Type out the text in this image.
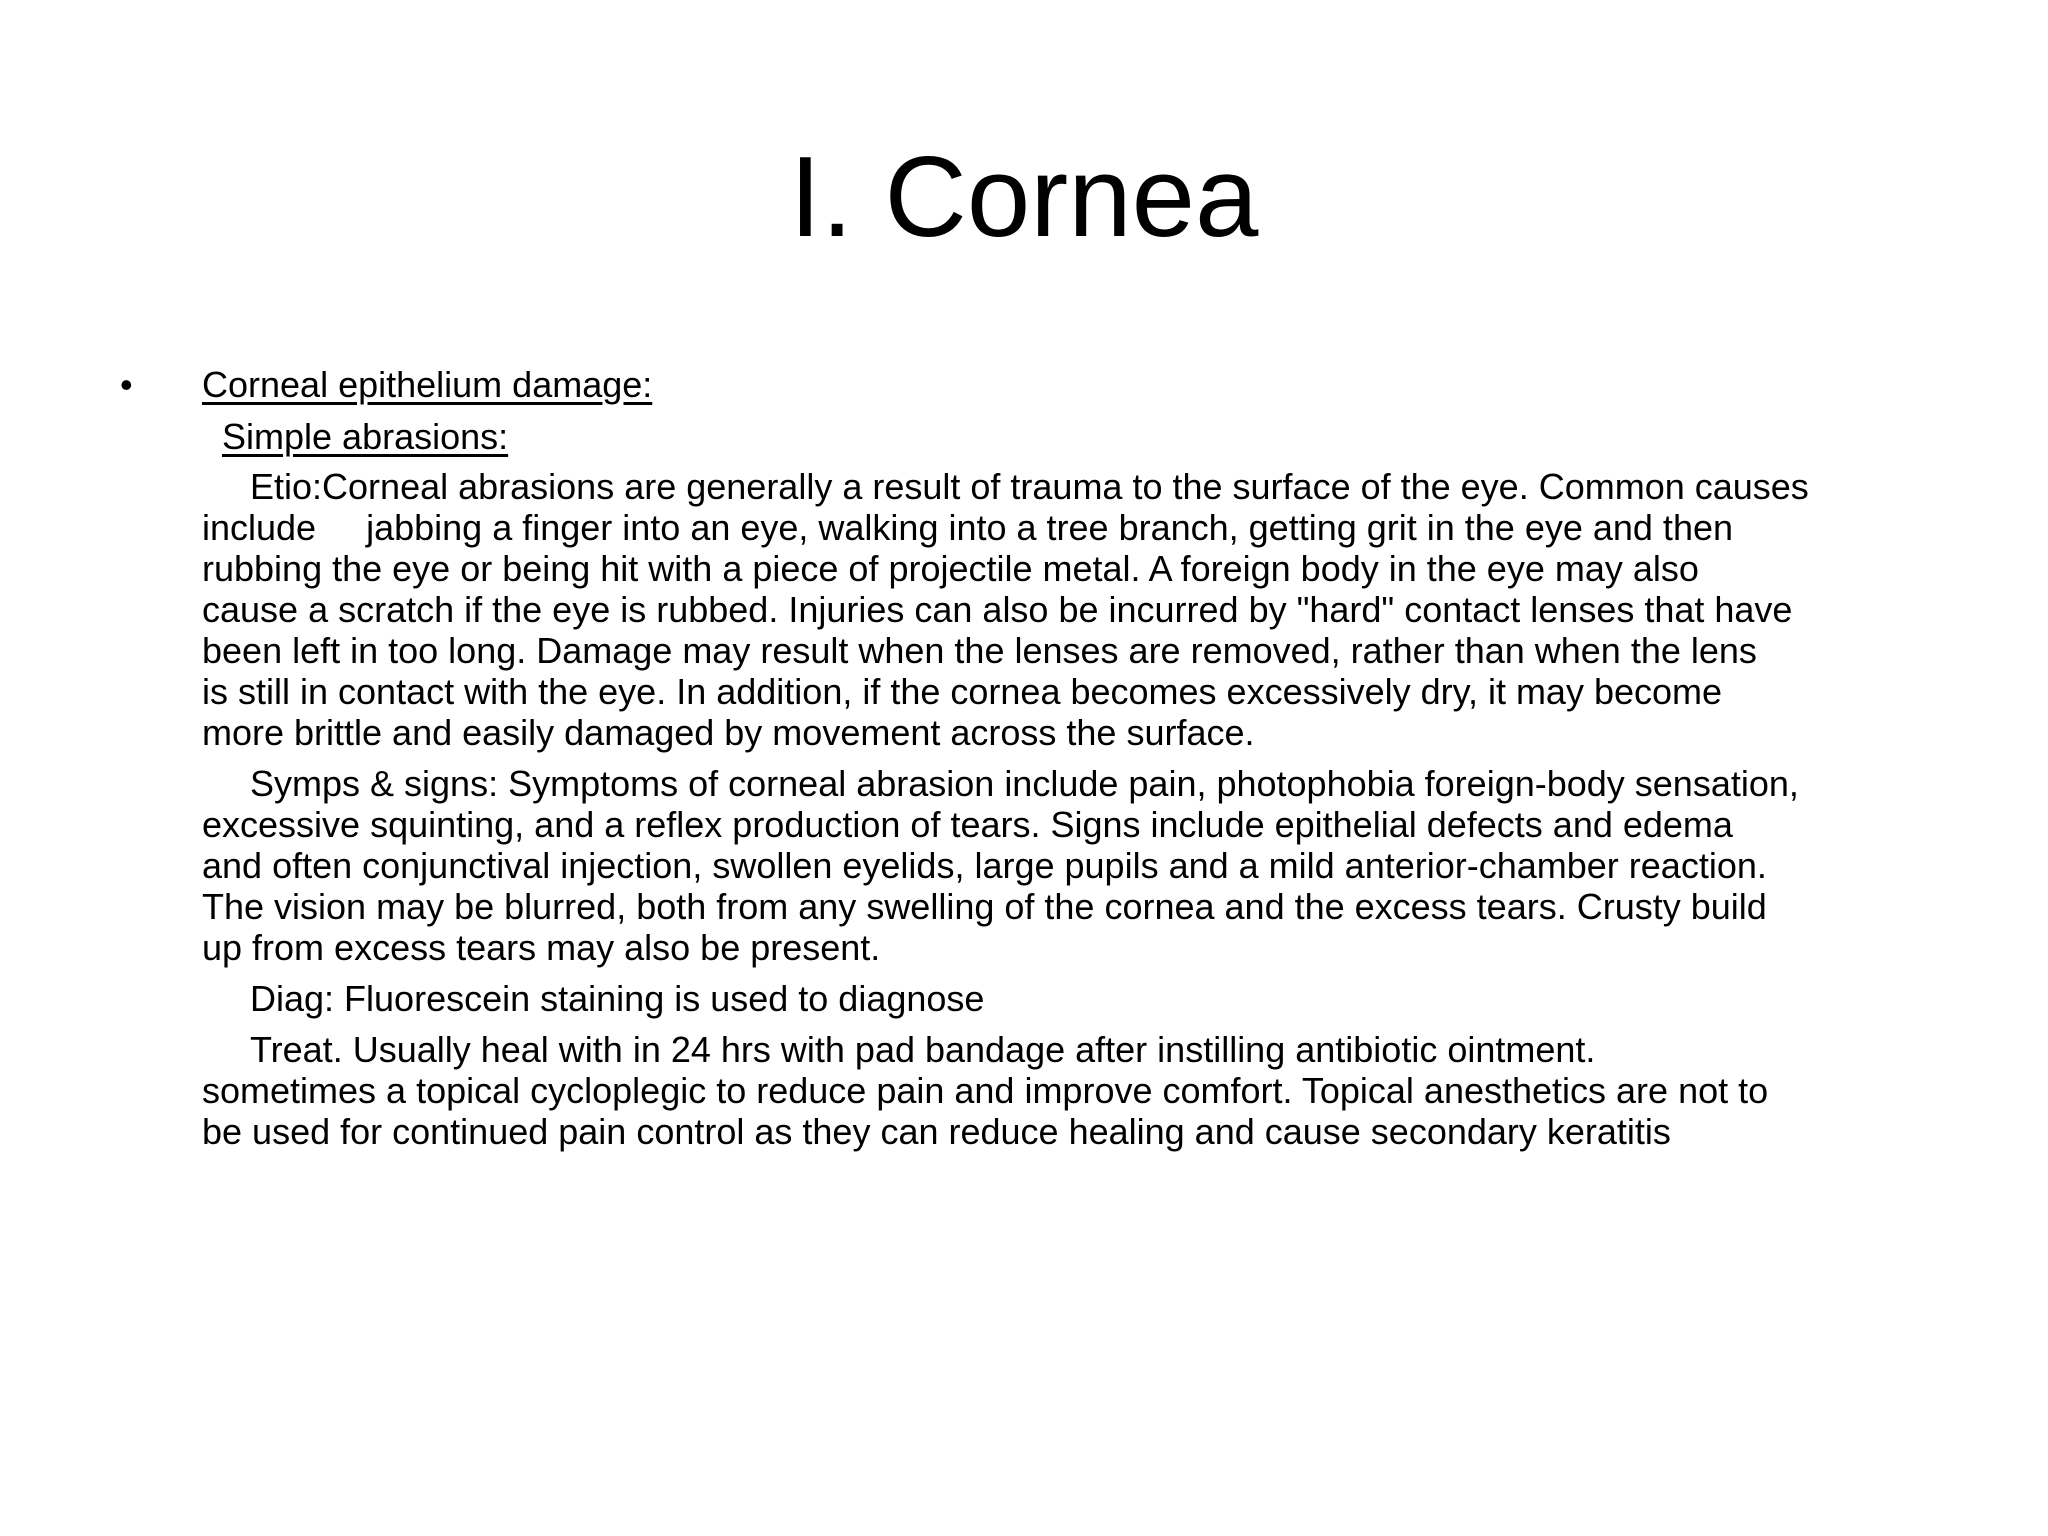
I. Cornea
• Corneal epithelium damage:
Simple abrasions:
Etio:Corneal abrasions are generally a result of trauma to the surface of the eye. Common causes
include     jabbing a finger into an eye, walking into a tree branch, getting grit in the eye and then
rubbing the eye or being hit with a piece of projectile metal. A foreign body in the eye may also
cause a scratch if the eye is rubbed. Injuries can also be incurred by "hard" contact lenses that have
been left in too long. Damage may result when the lenses are removed, rather than when the lens
is still in contact with the eye. In addition, if the cornea becomes excessively dry, it may become
more brittle and easily damaged by movement across the surface.
Symps & signs: Symptoms of corneal abrasion include pain, photophobia foreign-body sensation,
excessive squinting, and a reflex production of tears. Signs include epithelial defects and edema
and often conjunctival injection, swollen eyelids, large pupils and a mild anterior-chamber reaction.
The vision may be blurred, both from any swelling of the cornea and the excess tears. Crusty build
up from excess tears may also be present.
Diag: Fluorescein staining is used to diagnose
Treat. Usually heal with in 24 hrs with pad bandage after instilling antibiotic ointment.
sometimes a topical cycloplegic to reduce pain and improve comfort. Topical anesthetics are not to
be used for continued pain control as they can reduce healing and cause secondary keratitis
